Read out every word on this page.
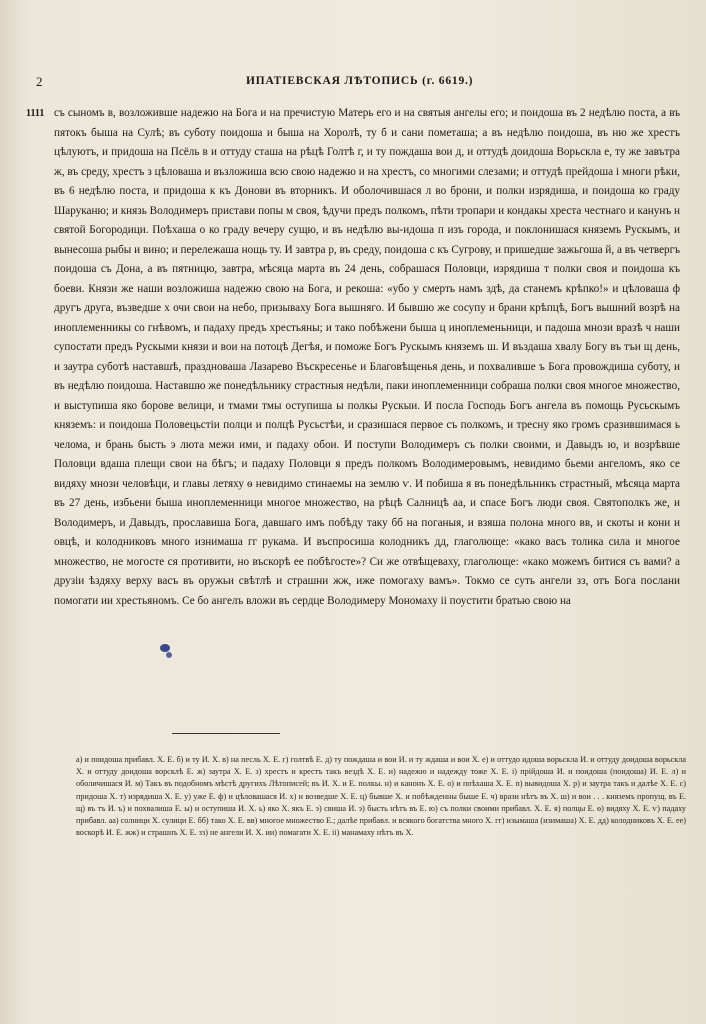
2	ИПАТІЕВСКАЯ ЛѢТОПИСЬ (г. 6619.)
1111 съ сыномъ в, возложивше надежю на Бога и на пречистую Матерь его и на святыя ангелы его; и поидоша въ 2 недѣлю поста, а въ пятокъ быша на Сулѣ; въ суботу поидоша и быша на Хоролѣ, ту б и сани пометаша; а въ недѣлю поидоша, въ ню же хрестъ цѣлуютъ, и придоша на Псёль в и оттуду сташа на рѣцѣ Голтѣ г, и ту пождаша вои д, и оттудѣ доидоша Ворьскла е, ту же завътра ж, въ среду, хрестъ з цѣловаша и възложиша всю свою надежю и на хрестъ, со многими слезами; и оттудѣ прейдоша і многи рѣки, въ 6 недѣлю поста, и придоша к къ Донови въ вторникъ. И оболочившася л во брони, и полки изрядиша, и поидоша ко граду Шаруканю; и князь Володимеръ пристави попы м своя, ѣдучи предъ полкомъ, пѣти тропари и кондакы хреста честнаго и канунъ н святой Богородици. Поѣхаша о ко граду вечеру сущю, и въ недѣлю вы-идоша п изъ города, и поклонишася княземъ Рускымъ, и вынесоша рыбы и вино; и перележаша нощь ту. И завтра р, въ среду, поидоша с къ Сугрову, и пришедше зажьгоша й, а въ четвергъ поидоша съ Дона, а въ пятницю, завтра, мѣсяца марта въ 24 день, собрашася Половци, изрядиша т полки своя и поидоша къ боеви. Князи же наши возложиша надежю свою на Бога, и рекоша: «убо у смерть намъ здѣ, да станемъ крѣпко!» и цѣловаша ф другъ друга, възведше х очи свои на небо, призываху Бога вышняго. И бывшю же сосупу и брани крѣпцѣ, Богъ вышний возрѣ на иноплеменникы со гнѣвомъ, и падаху предъ хрестьяны; и тако побѣжени быша ц иноплеменьници, и падоша мнози вразѣ ч наши супостати предъ Рускыми князи и вои на потоцѣ Дегѣя, и поможе Богъ Рускымъ княземъ ш. И въздаша хвалу Богу въ тъи щ день, и заутра суботѣ наставшѣ, праздноваша Лазарево Въскресенье и Благовѣщенья день, и похваливше ъ Бога провождиша суботу, и въ недѣлю поидоша. Наставшю же понедѣльнику страстныя недѣли, паки иноплеменници собраша полки своя многое множество, и выступиша яко борове велици, и тмами тмы оступиша ы полкы Рускыи. И посла Господь Богъ ангела въ помощь Русьскымъ княземъ: и поидоша Половецьстіи полци и полцѣ Русьстѣи, и сразишася первое съ полкомъ, и тресну яко громъ сразившимася ь челома, и брань бысть э люта межи ими, и падаху обои. И поступи Володимеръ съ полки своими, и Давыдъ ю, и возрѣвше Половци вдаша плещи свои на бѣгъ; и падаху Половци я предъ полкомъ Володимеровымъ, невидимо бьеми ангеломъ, яко се видяху мнози человѣци, и главы летяху ѳ невидимо стинаемы на землю ѵ. И побиша я въ понедѣльникъ страстный, мѣсяца марта въ 27 день, избьени быша иноплеменници многое множество, на рѣцѣ Салницѣ аа, и спасе Богъ люди своя. Святополкъ же, и Володимеръ, и Давыдъ, прославиша Бога, давшаго имъ побѣду таку бб на поганыя, и взяша полона много вв, и скоты и кони и овцѣ, и колодниковъ много изнимаша гг рукама. И въспросиша колодникъ дд, глаголюще: «како васъ толика сила и многое множество, не могосте ся противити, но въскорѣ ее побѣгосте»? Си же отвѣщеваху, глаголюще: «како можемъ битися съ вами? а друзіи ѣздяху верху васъ въ оружьи свѣтлѣ и страшни жж, иже помогаху вамъ». Токмо се суть ангели зз, отъ Бога послани помогати ии хрестьяномъ. Се бо ангелъ вложи въ сердце Володимеру Мономаху іі поустити братью свою на

а) и поидоша прибавл. Х. Е. б) и ту И. Х. в) на песль Х. Е. г) голтвѣ Е. д) ту пождаша и вои И. и ту ждаша и вои Х. е) и оттудо идоша ворьскла И. и оттуду доидоша ворьскла Х. и оттуду доидоша ворсклѣ Е. ж) заутра Х. Е. з) хрестъ и крестъ такъ вездѣ Х. Е. и) надежю и надежду тоже Х. Е. і) прійдоша И. и поидоша (поидоша) И. Е. л) и оболичишася И. м) Такъ въ подобномъ мѣстѣ другихъ Лѣтописей; въ И. Х. и Е. полкы. н) и канонъ Х. Е. о) и поѣхаша Х. Е. п) вывидоша Х. р) и заутра такъ и далѣе Х. Е. с) придоша Х. т) изрядиша Х. Е. у) уже Е. ф) и цѣловашася И. х) и возведше Х. Е. ц) бывше Х. и побѣжденны быше Е. ч) врази нѣтъ въ Х. ш) и вои . . . княземъ пропущ. въ Е. щ) въ тъ И. ъ) и похвалиша Е. ы) и оступиша И. Х. ь) яко Х. якъ Е. э) свиша И. э) бысть нѣтъ въ Е. ю) съ полки своими прибавл. Х. Е. я) полцы Е. ѳ) видяху Х. Е. ѵ) падаху прибавл. аа) солници Х. сулици Е. бб) тако Х. Е. вв) многое множество Е.; далѣе прибавл. и всякого богатства много Х. гг) изымаша (изимаша) Х. Е. дд) колодниковъ Х. Е. ее) воскорѣ И. Е. жж) и страшнъ Х. Е. зз) не ангели И. Х. ии) помагати Х. Е. іі) манамаху нѣтъ въ Х.
